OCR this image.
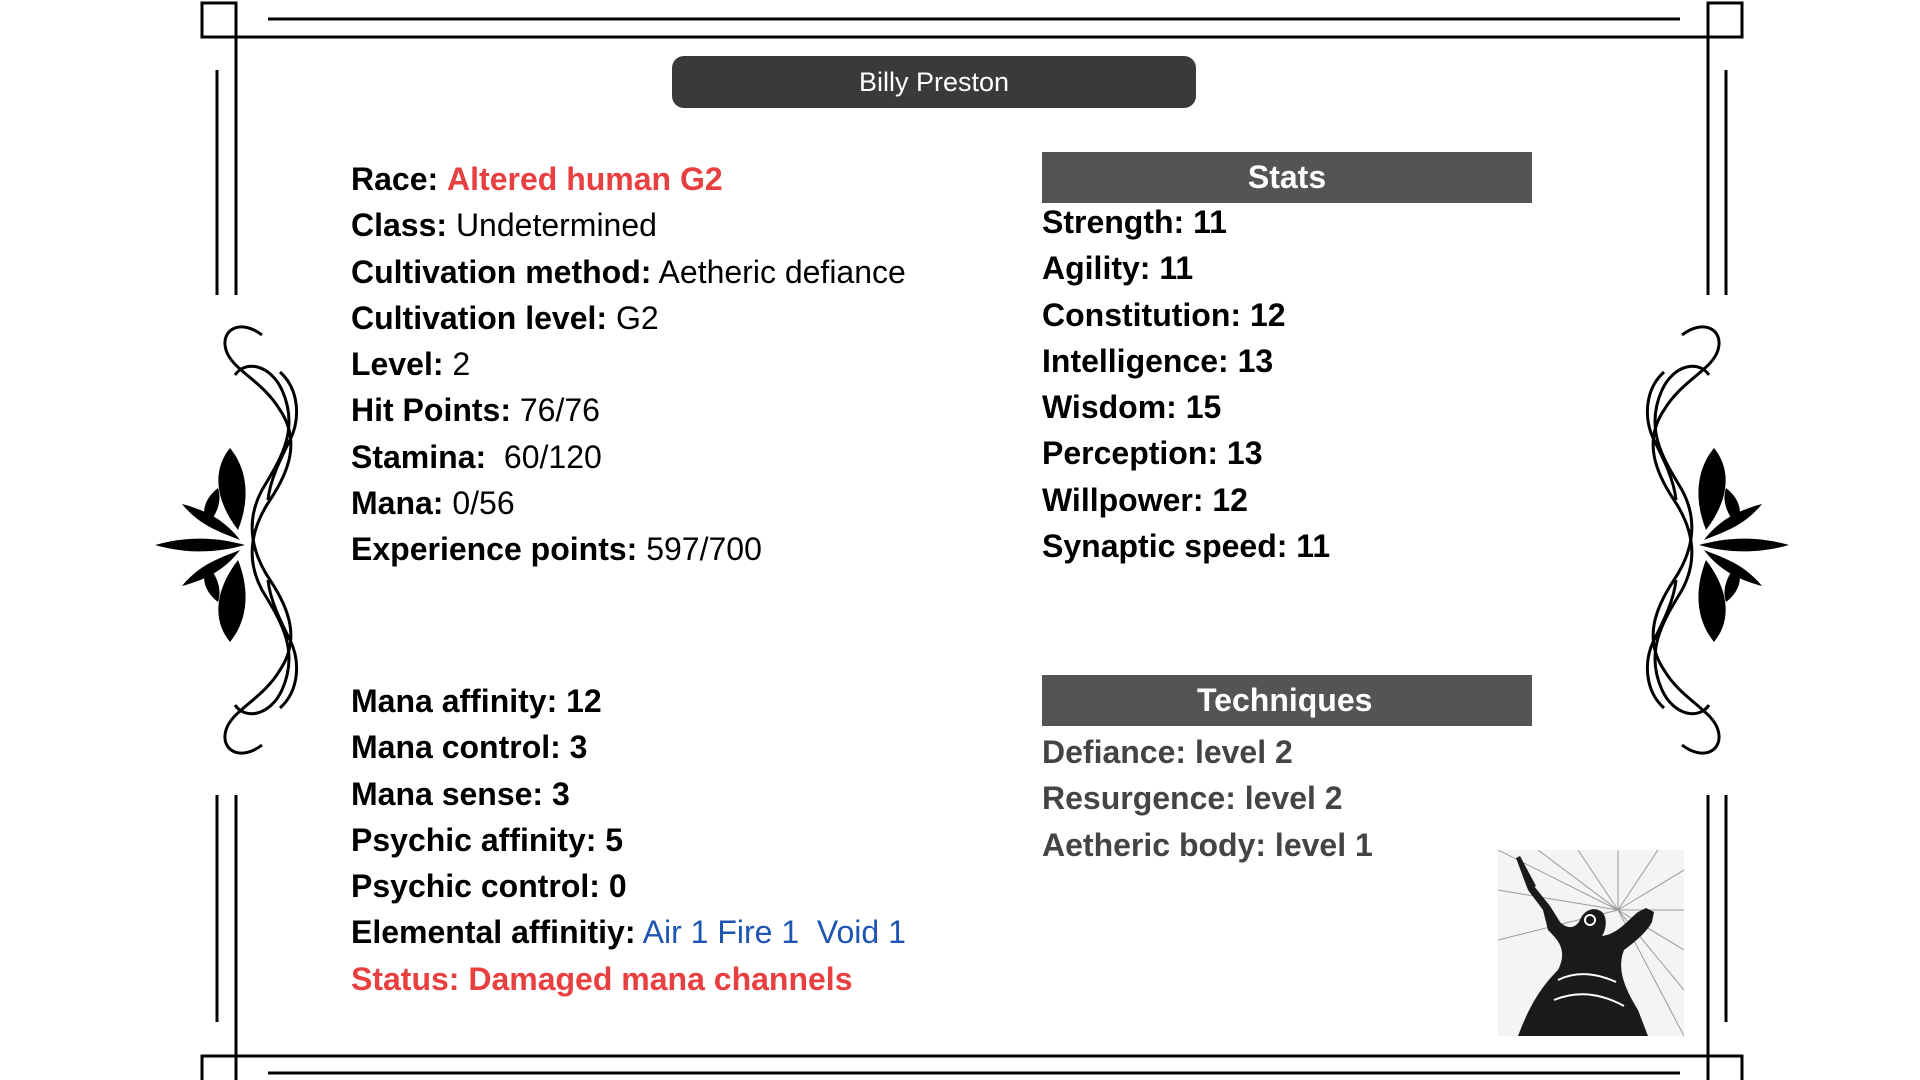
Billy Preston
Race: Altered human G2
Class: Undetermined
Cultivation method: Aetheric defiance
Cultivation level: G2
Level: 2
Hit Points: 76/76
Stamina:  60/120
Mana: 0/56
Experience points: 597/700
Stats
Strength: 11
Agility: 11
Constitution: 12
Intelligence: 13
Wisdom: 15
Perception: 13
Willpower: 12
Synaptic speed: 11
Mana affinity: 12
Mana control: 3
Mana sense: 3
Psychic affinity: 5
Psychic control: 0
Elemental affinitiy: Air 1 Fire 1  Void 1
Status: Damaged mana channels
Techniques
Defiance: level 2
Resurgence: level 2
Aetheric body: level 1
